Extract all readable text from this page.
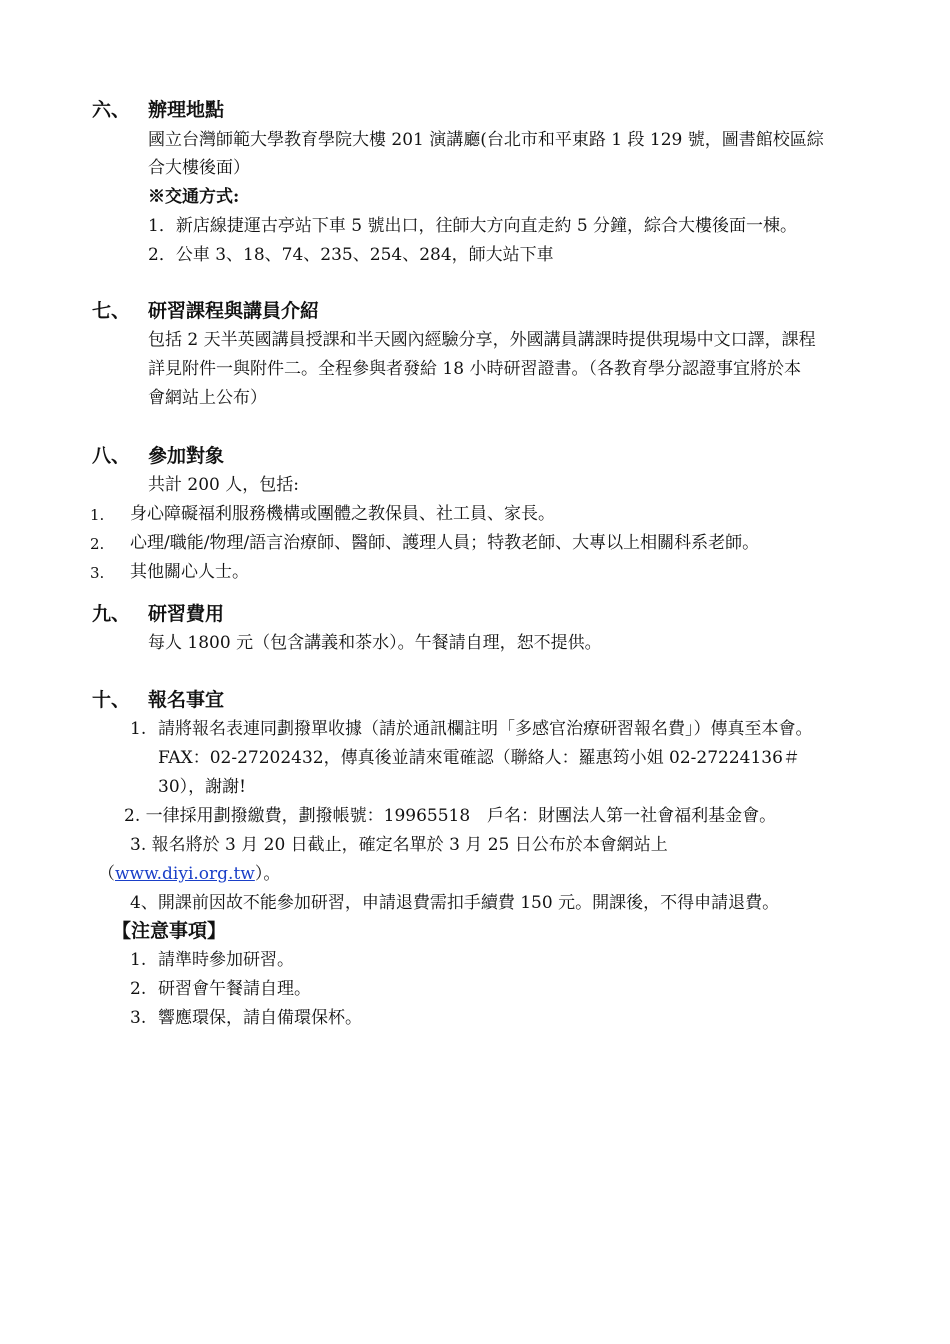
六、 辦理地點
國立台灣師範大學教育學院大樓 201 演講廳(台北市和平東路 1 段 129 號，圖書館校區綜
合大樓後面）
※交通方式:
1．新店線捷運古亭站下車 5 號出口，往師大方向直走約 5 分鐘，綜合大樓後面一棟。
2．公車 3、18、74、235、254、284，師大站下車
七、 研習課程與講員介紹
包括 2 天半英國講員授課和半天國內經驗分享，外國講員講課時提供現場中文口譯，課程
詳見附件一與附件二。全程參與者發給 18 小時研習證書。（各教育學分認證事宜將於本
會網站上公布）
八、 參加對象
共計 200 人，包括:
1. 身心障礙福利服務機構或團體之教保員、社工員、家長。
2. 心理/職能/物理/語言治療師、醫師、護理人員；特教老師、大專以上相關科系老師。
3. 其他關心人士。
九、 研習費用
每人 1800 元（包含講義和茶水）。午餐請自理，恕不提供。
十、 報名事宜
1. 請將報名表連同劃撥單收據（請於通訊欄註明「多感官治療研習報名費」）傳真至本會。
FAX：02-27202432，傳真後並請來電確認（聯絡人：羅惠筠小姐 02-27224136＃
30），謝謝!
2. 一律採用劃撥繳費，劃撥帳號：19965518　戶名：財團法人第一社會福利基金會。
3. 報名將於 3 月 20 日截止，確定名單於 3 月 25 日公布於本會網站上
（www.diyi.org.tw）。
4、開課前因故不能參加研習，申請退費需扣手續費 150 元。開課後，不得申請退費。
【注意事項】
1. 請準時參加研習。
2. 研習會午餐請自理。
3. 響應環保，請自備環保杯。
